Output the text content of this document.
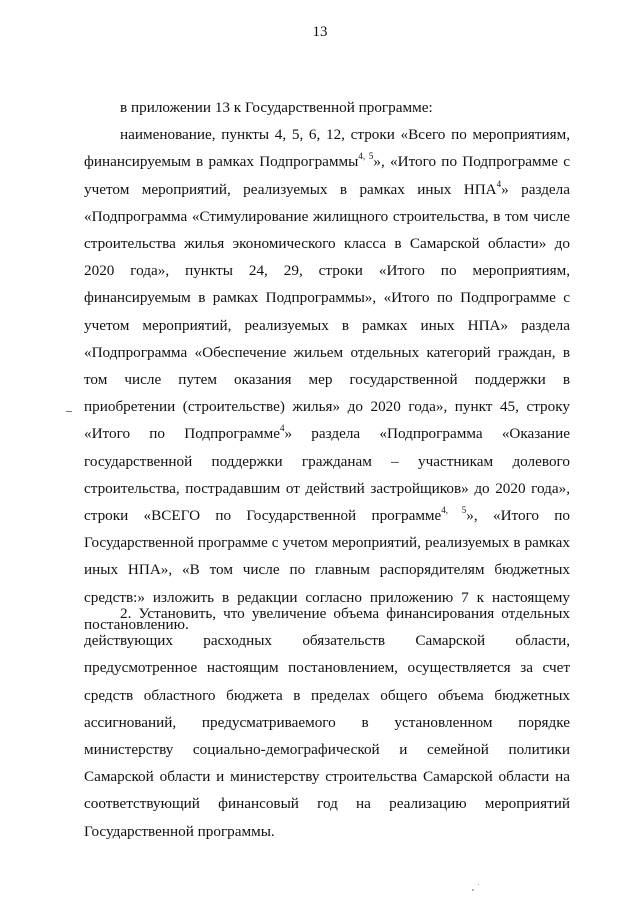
13

в приложении 13 к Государственной программе:

наименование, пункты 4, 5, 6, 12, строки «Всего по мероприятиям, финансируемым в рамках Подпрограммы$^{4, 5}$», «Итого по Подпрограмме с учетом мероприятий, реализуемых в рамках иных НПА$^4$» раздела «Подпрограмма «Стимулирование жилищного строительства, в том числе строительства жилья экономического класса в Самарской области» до 2020 года», пункты 24, 29, строки «Итого по мероприятиям, финансируемым в рамках Подпрограммы», «Итого по Подпрограмме с учетом мероприятий, реализуемых в рамках иных НПА» раздела «Подпрограмма «Обеспечение жильем отдельных категорий граждан, в том числе путем оказания мер государственной поддержки в приобретении (строительстве) жилья» до 2020 года», пункт 45, строку «Итого по Подпрограмме$^4$» раздела «Подпрограмма «Оказание государственной поддержки гражданам – участникам долевого строительства, пострадавшим от действий застройщиков» до 2020 года», строки «ВСЕГО по Государственной программе$^{4, 5}$», «Итого по Государственной программе с учетом мероприятий, реализуемых в рамках иных НПА», «В том числе по главным распорядителям бюджетных средств:» изложить в редакции согласно приложению 7 к настоящему постановлению.

2. Установить, что увеличение объема финансирования отдельных действующих расходных обязательств Самарской области, предусмотренное настоящим постановлением, осуществляется за счет средств областного бюджета в пределах общего объема бюджетных ассигнований, предусматриваемого в установленном порядке министерству социально-демографической и семейной политики Самарской области и министерству строительства Самарской области на соответствующий финансовый год на реализацию мероприятий Государственной программы.
